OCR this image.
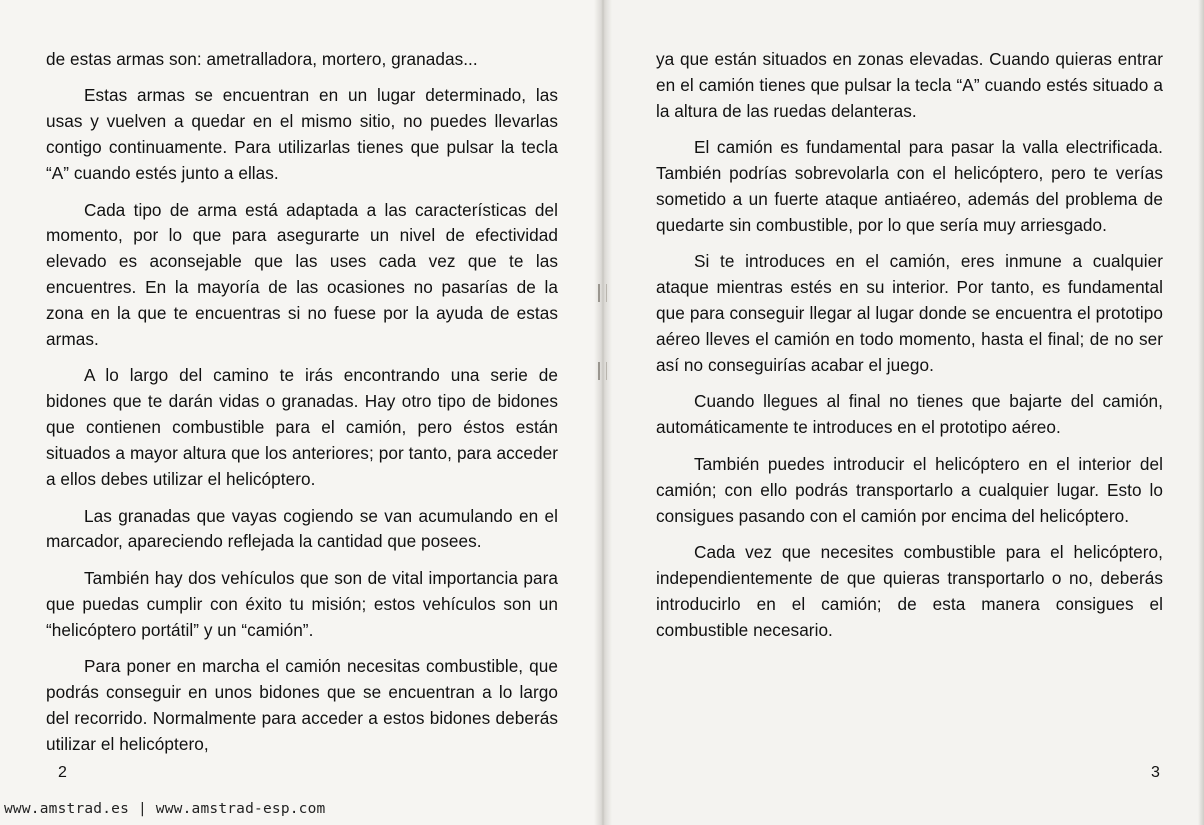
de estas armas son: ametralladora, mortero, granadas...

Estas armas se encuentran en un lugar determinado, las usas y vuelven a quedar en el mismo sitio, no puedes llevarlas contigo continuamente. Para utilizarlas tienes que pulsar la tecla “A” cuando estés junto a ellas.

Cada tipo de arma está adaptada a las características del momento, por lo que para asegurarte un nivel de efectividad elevado es aconsejable que las uses cada vez que te las encuentres. En la mayoría de las ocasiones no pasarías de la zona en la que te encuentras si no fuese por la ayuda de estas armas.

A lo largo del camino te irás encontrando una serie de bidones que te darán vidas o granadas. Hay otro tipo de bidones que contienen combustible para el camión, pero éstos están situados a mayor altura que los anteriores; por tanto, para acceder a ellos debes utilizar el helicóptero.

Las granadas que vayas cogiendo se van acumulando en el marcador, apareciendo reflejada la cantidad que posees.

También hay dos vehículos que son de vital importancia para que puedas cumplir con éxito tu misión; estos vehículos son un “helicóptero portátil” y un “camión”.

Para poner en marcha el camión necesitas combustible, que podrás conseguir en unos bidones que se encuentran a lo largo del recorrido. Normalmente para acceder a estos bidones deberás utilizar el helicóptero,

2

ya que están situados en zonas elevadas. Cuando quieras entrar en el camión tienes que pulsar la tecla “A” cuando estés situado a la altura de las ruedas delanteras.

El camión es fundamental para pasar la valla electrificada. También podrías sobrevolarla con el helicóptero, pero te verías sometido a un fuerte ataque antiaéreo, además del problema de quedarte sin combustible, por lo que sería muy arriesgado.

Si te introduces en el camión, eres inmune a cualquier ataque mientras estés en su interior. Por tanto, es fundamental que para conseguir llegar al lugar donde se encuentra el prototipo aéreo lleves el camión en todo momento, hasta el final; de no ser así no conseguirías acabar el juego.

Cuando llegues al final no tienes que bajarte del camión, automáticamente te introduces en el prototipo aéreo.

También puedes introducir el helicóptero en el interior del camión; con ello podrás transportarlo a cualquier lugar. Esto lo consigues pasando con el camión por encima del helicóptero.

Cada vez que necesites combustible para el helicóptero, independientemente de que quieras transportarlo o no, deberás introducirlo en el camión; de esta manera consigues el combustible necesario.

3
www.amstrad.es | www.amstrad-esp.com
